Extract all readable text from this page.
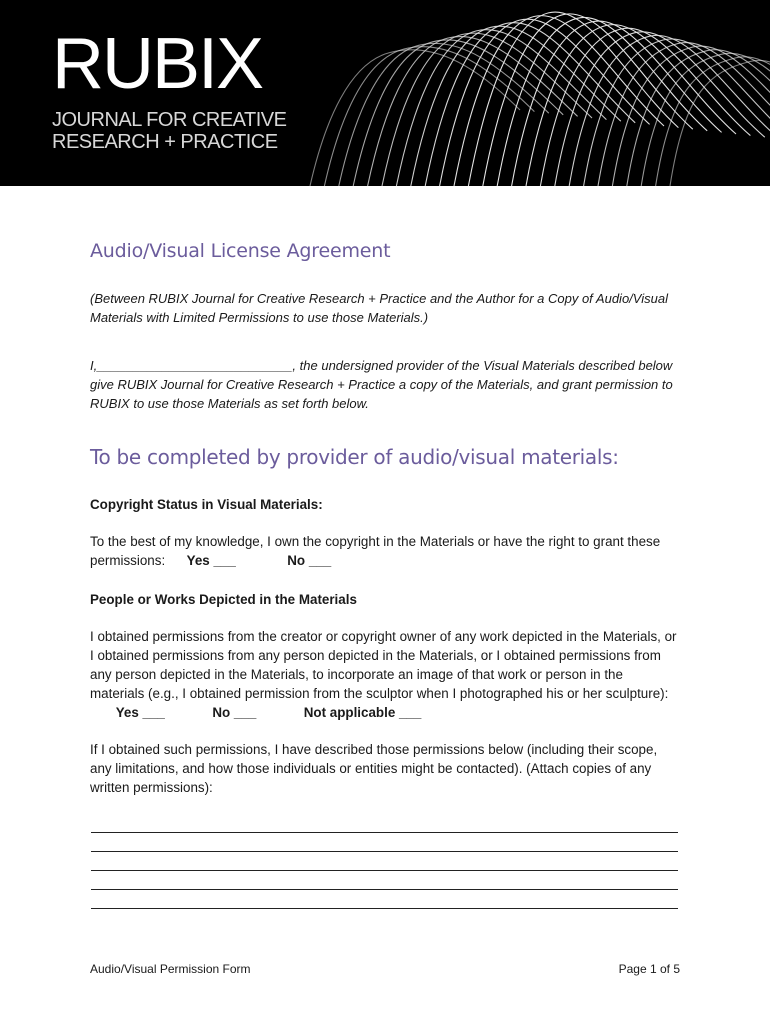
RUBIX
JOURNAL FOR CREATIVE
RESEARCH + PRACTICE
Audio/Visual License Agreement
(Between RUBIX Journal for Creative Research + Practice and the Author for a Copy of Audio/Visual Materials with Limited Permissions to use those Materials.)
I,___________________________, the undersigned provider of the Visual Materials described below give RUBIX Journal for Creative Research + Practice a copy of the Materials, and grant permission to RUBIX to use those Materials as set forth below.
To be completed by provider of audio/visual materials:
Copyright Status in Visual Materials:
To the best of my knowledge, I own the copyright in the Materials or have the right to grant these permissions: Yes ___	No ___
People or Works Depicted in the Materials
I obtained permissions from the creator or copyright owner of any work depicted in the Materials, or I obtained permissions from any person depicted in the Materials, or I obtained permissions from any person depicted in the Materials, to incorporate an image of that work or person in the materials (e.g., I obtained permission from the sculptor when I photographed his or her sculpture):  Yes ___	No ___	Not applicable ___
If I obtained such permissions, I have described those permissions below (including their scope, any limitations, and how those individuals or entities might be contacted). (Attach copies of any written permissions):
Audio/Visual Permission Form	Page 1 of 5
